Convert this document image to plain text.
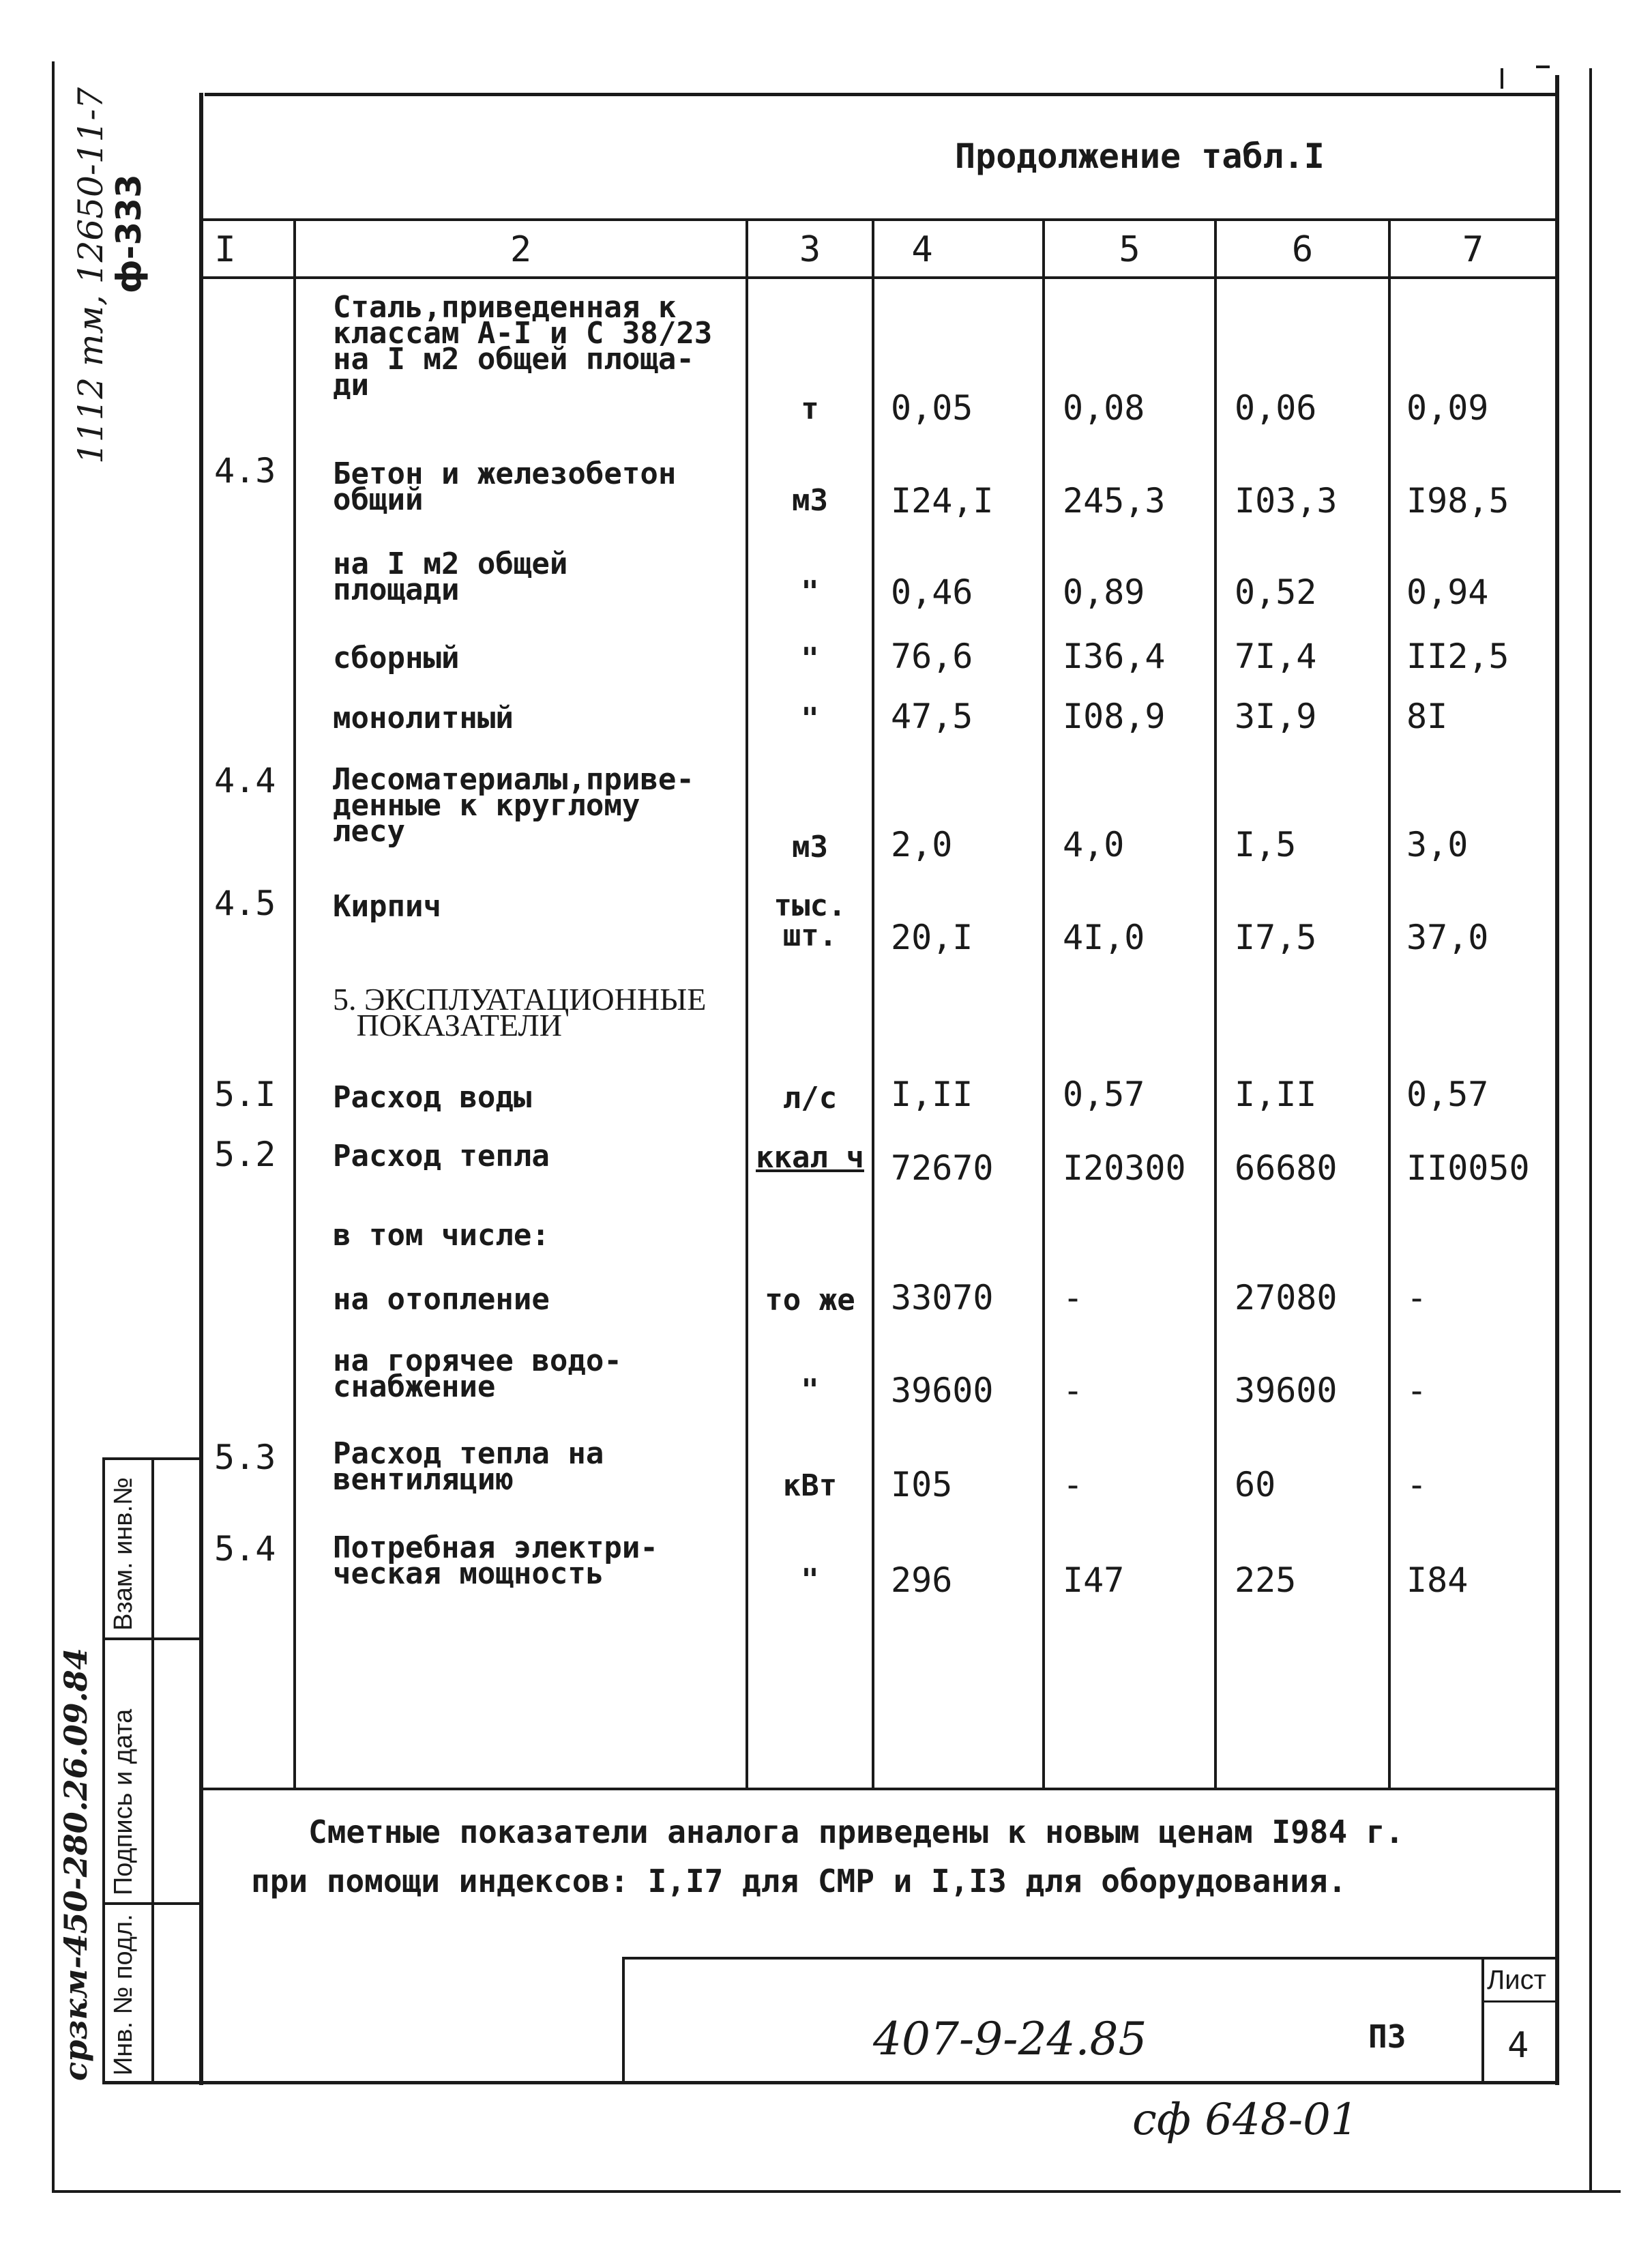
Продолжение табл.I
I	2	3	4	5	6	7
Сталь,приведенная к
классам А-I и С 38/23
на I м2 общей площа-
ди
т	0,05	0,08	0,06	0,09
4.3 Бетон и железобетон
общий	м3	I24,I 245,3 I03,3 I98,5
на I м2 общей
площади	"	0,46	0,89	0,52	0,94
сборный	"	76,6	I36,4 7I,4	II2,5
монолитный	"	47,5	I08,9 3I,9	8I
4.4 Лесоматериалы,приве-
денные к круглому
лесу	м3	2,0	4,0	I,5	3,0
4.5 Кирпич	тыс. шт.	20,I	4I,0	I7,5	37,0
5. ЭКСПЛУАТАЦИОННЫЕ
ПОКАЗАТЕЛИ
5.I Расход воды	л/с	I,II	0,57	I,II	0,57
5.2 Расход тепла	ккал ч 72670 I20300 66680 II0050
в том числе:
на отопление	то же	33070 -	27080 -
на горячее водо-
снабжение	"	39600 -	39600 -
5.3 Расход тепла на
вентиляцию	кВт	I05	-	60	-
5.4 Потребная электри-
ческая мощность	"	296	I47	225	I84
Сметные показатели аналога приведены к новым ценам I984 г.
при помощи индексов: I,I7 для СМР и I,I3 для оборудования.
407-9-24.85	ПЗ
Лист
4
сф 648-01
Взам. инв.№
Подпись и дата
Инв. № подл.
1112 тм, 12650-11-7
ф-333
срзкм-450-280.26.09.84
